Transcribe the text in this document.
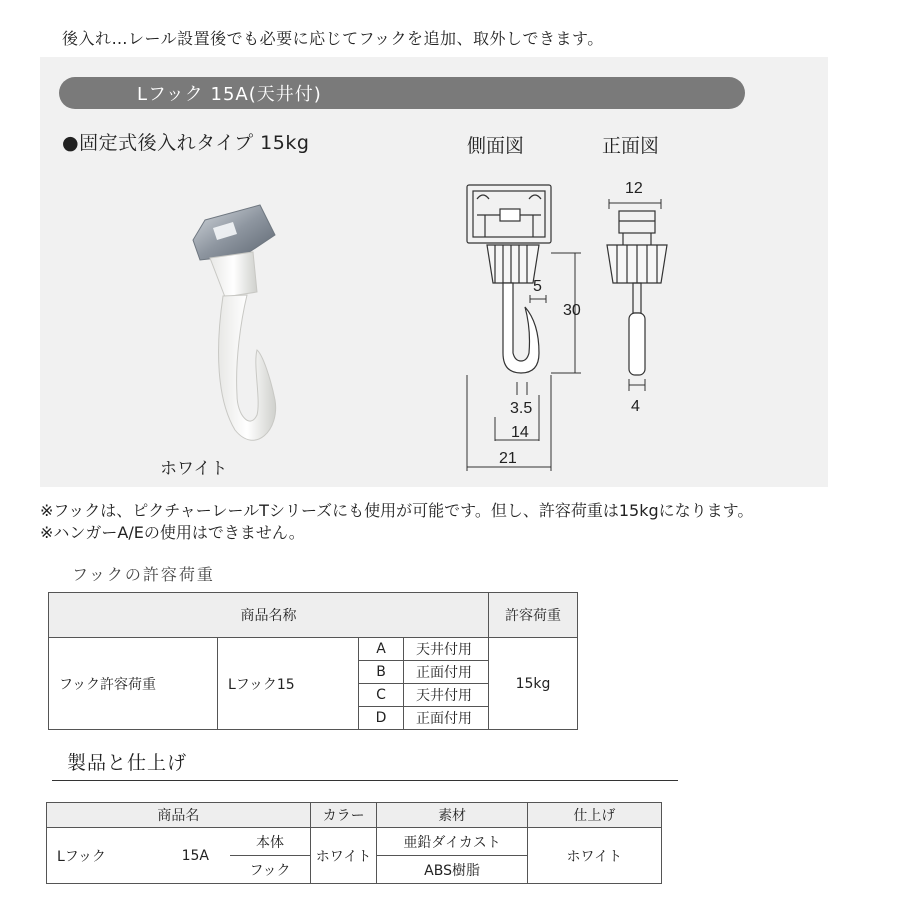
後入れ…レール設置後でも必要に応じてフックを追加、取外しできます。
Lフック 15A(天井付)
●固定式後入れタイプ 15kg	側面図	正面図
5
30
3.5
14
21
12
4
ホワイト
※フックは、ピクチャーレールTシリーズにも使用が可能です。但し、許容荷重は15kgになります。
※ハンガーA/Eの使用はできません。
フックの許容荷重
商品名称				許容荷重
フック許容荷重	Lフック15	A	天井付用	15kg
		B	正面付用	
		C	天井付用	
		D	正面付用	
製品と仕上げ
商品名			カラー	素材	仕上げ
Lフック	15A	本体	ホワイト	亜鉛ダイカスト	ホワイト
		フック		ABS樹脂	
